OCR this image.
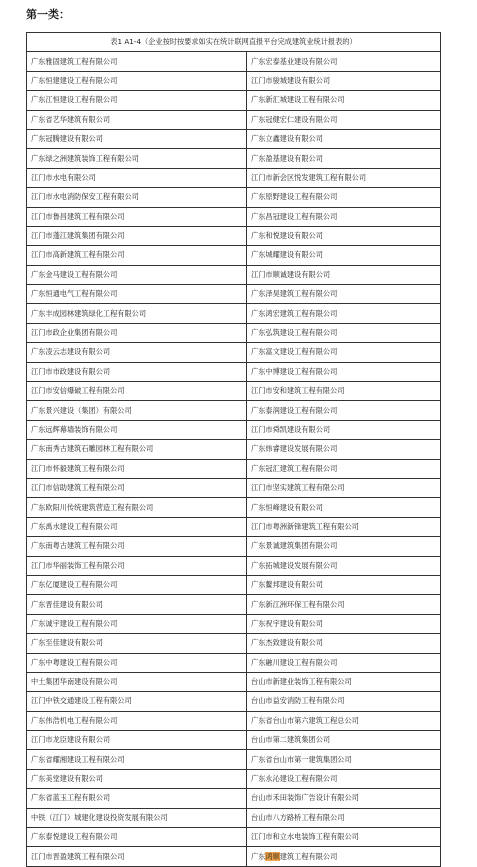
第一类：
表1 A1-4（企业按时按要求如实在统计联网直报平台完成建筑业统计报表的）	
广东雅固建筑工程有限公司	广东宏泰基业建设有限公司
广东恒建建设工程有限公司	江门市骏城建设有限公司
广东江恒建设工程有限公司	广东新汇城建设工程有限公司
广东省艺华建筑有限公司	广东冠健宏仁建设有限公司
广东冠腾建设有限公司	广东立鑫建设有限公司
广东绿之洲建筑装饰工程有限公司	广东盈基建设有限公司
江门市水电有限公司	江门市新会区悦发建筑工程有限公司
江门市水电消防保安工程有限公司	广东原野建设工程有限公司
江门市鲁昌建筑工程有限公司	广东昌冠建设工程有限公司
江门市蓬江建筑集团有限公司	广东和悦建设有限公司
江门市高新建筑工程有限公司	广东城耀建设有限公司
广东金马建设工程有限公司	江门市顺诚建设有限公司
广东恒通电气工程有限公司	广东泽昊建筑工程有限公司
广东丰成园林建筑绿化工程有限公司	广东鸿宏建筑工程有限公司
江门市政企业集团有限公司	广东弘筑建设工程有限公司
广东凌云志建设有限公司	广东富文建设工程有限公司
江门市市政建设有限公司	广东中博建设工程有限公司
江门市安信爆破工程有限公司	江门市安和建筑工程有限公司
广东景兴建设（集团）有限公司	广东泰润建设工程有限公司
广东远辉幕墙装饰有限公司	江门市舜凯建设有限公司
广东南秀古建筑石雕园林工程有限公司	广东炜睿建设发展有限公司
江门市怀毅建筑工程有限公司	广东冠汇建筑工程有限公司
江门市信助建筑工程有限公司	江门市坚实建筑工程有限公司
广东欧阳川传统建筑营造工程有限公司	广东恒峰建设有限公司
广东禹水建设工程有限公司	江门市粤洲新锋建筑工程有限公司
广东南粤古建筑工程有限公司	广东景诚建筑集团有限公司
江门市华丽装饰工程有限公司	广东拓城建设发展有限公司
广东亿厦建设工程有限公司	广东鳌邦建设有限公司
广东晋佳建设有限公司	广东新江洲环保工程有限公司
广东诚宇建设工程有限公司	广东祝宇建设有限公司
广东至佳建设有限公司	广东杰致建设有限公司
广东中粤建设工程有限公司	广东融川建设工程有限公司
中土集团华南建设有限公司	台山市新建业装饰工程有限公司
江门中铁交通建设工程有限公司	台山市益安消防工程有限公司
广东伟浩机电工程有限公司	广东省台山市第六建筑工程总公司
江门市龙臣建设有限公司	台山市第二建筑集团公司
广东省耀湘建设工程有限公司	广东省台山市第一建筑集团公司
广东美堂建设有限公司	广东永沁建设工程有限公司
广东省蓝玉工程有限公司	台山市禾田装饰广告设计有限公司
中铁（江门）城建化建设投资发展有限公司	台山市八方路桥工程有限公司
广东泰悦建设工程有限公司	江门市和立水电装饰工程有限公司
江门市晋盈建筑工程有限公司	广东鸿顺建筑工程有限公司
